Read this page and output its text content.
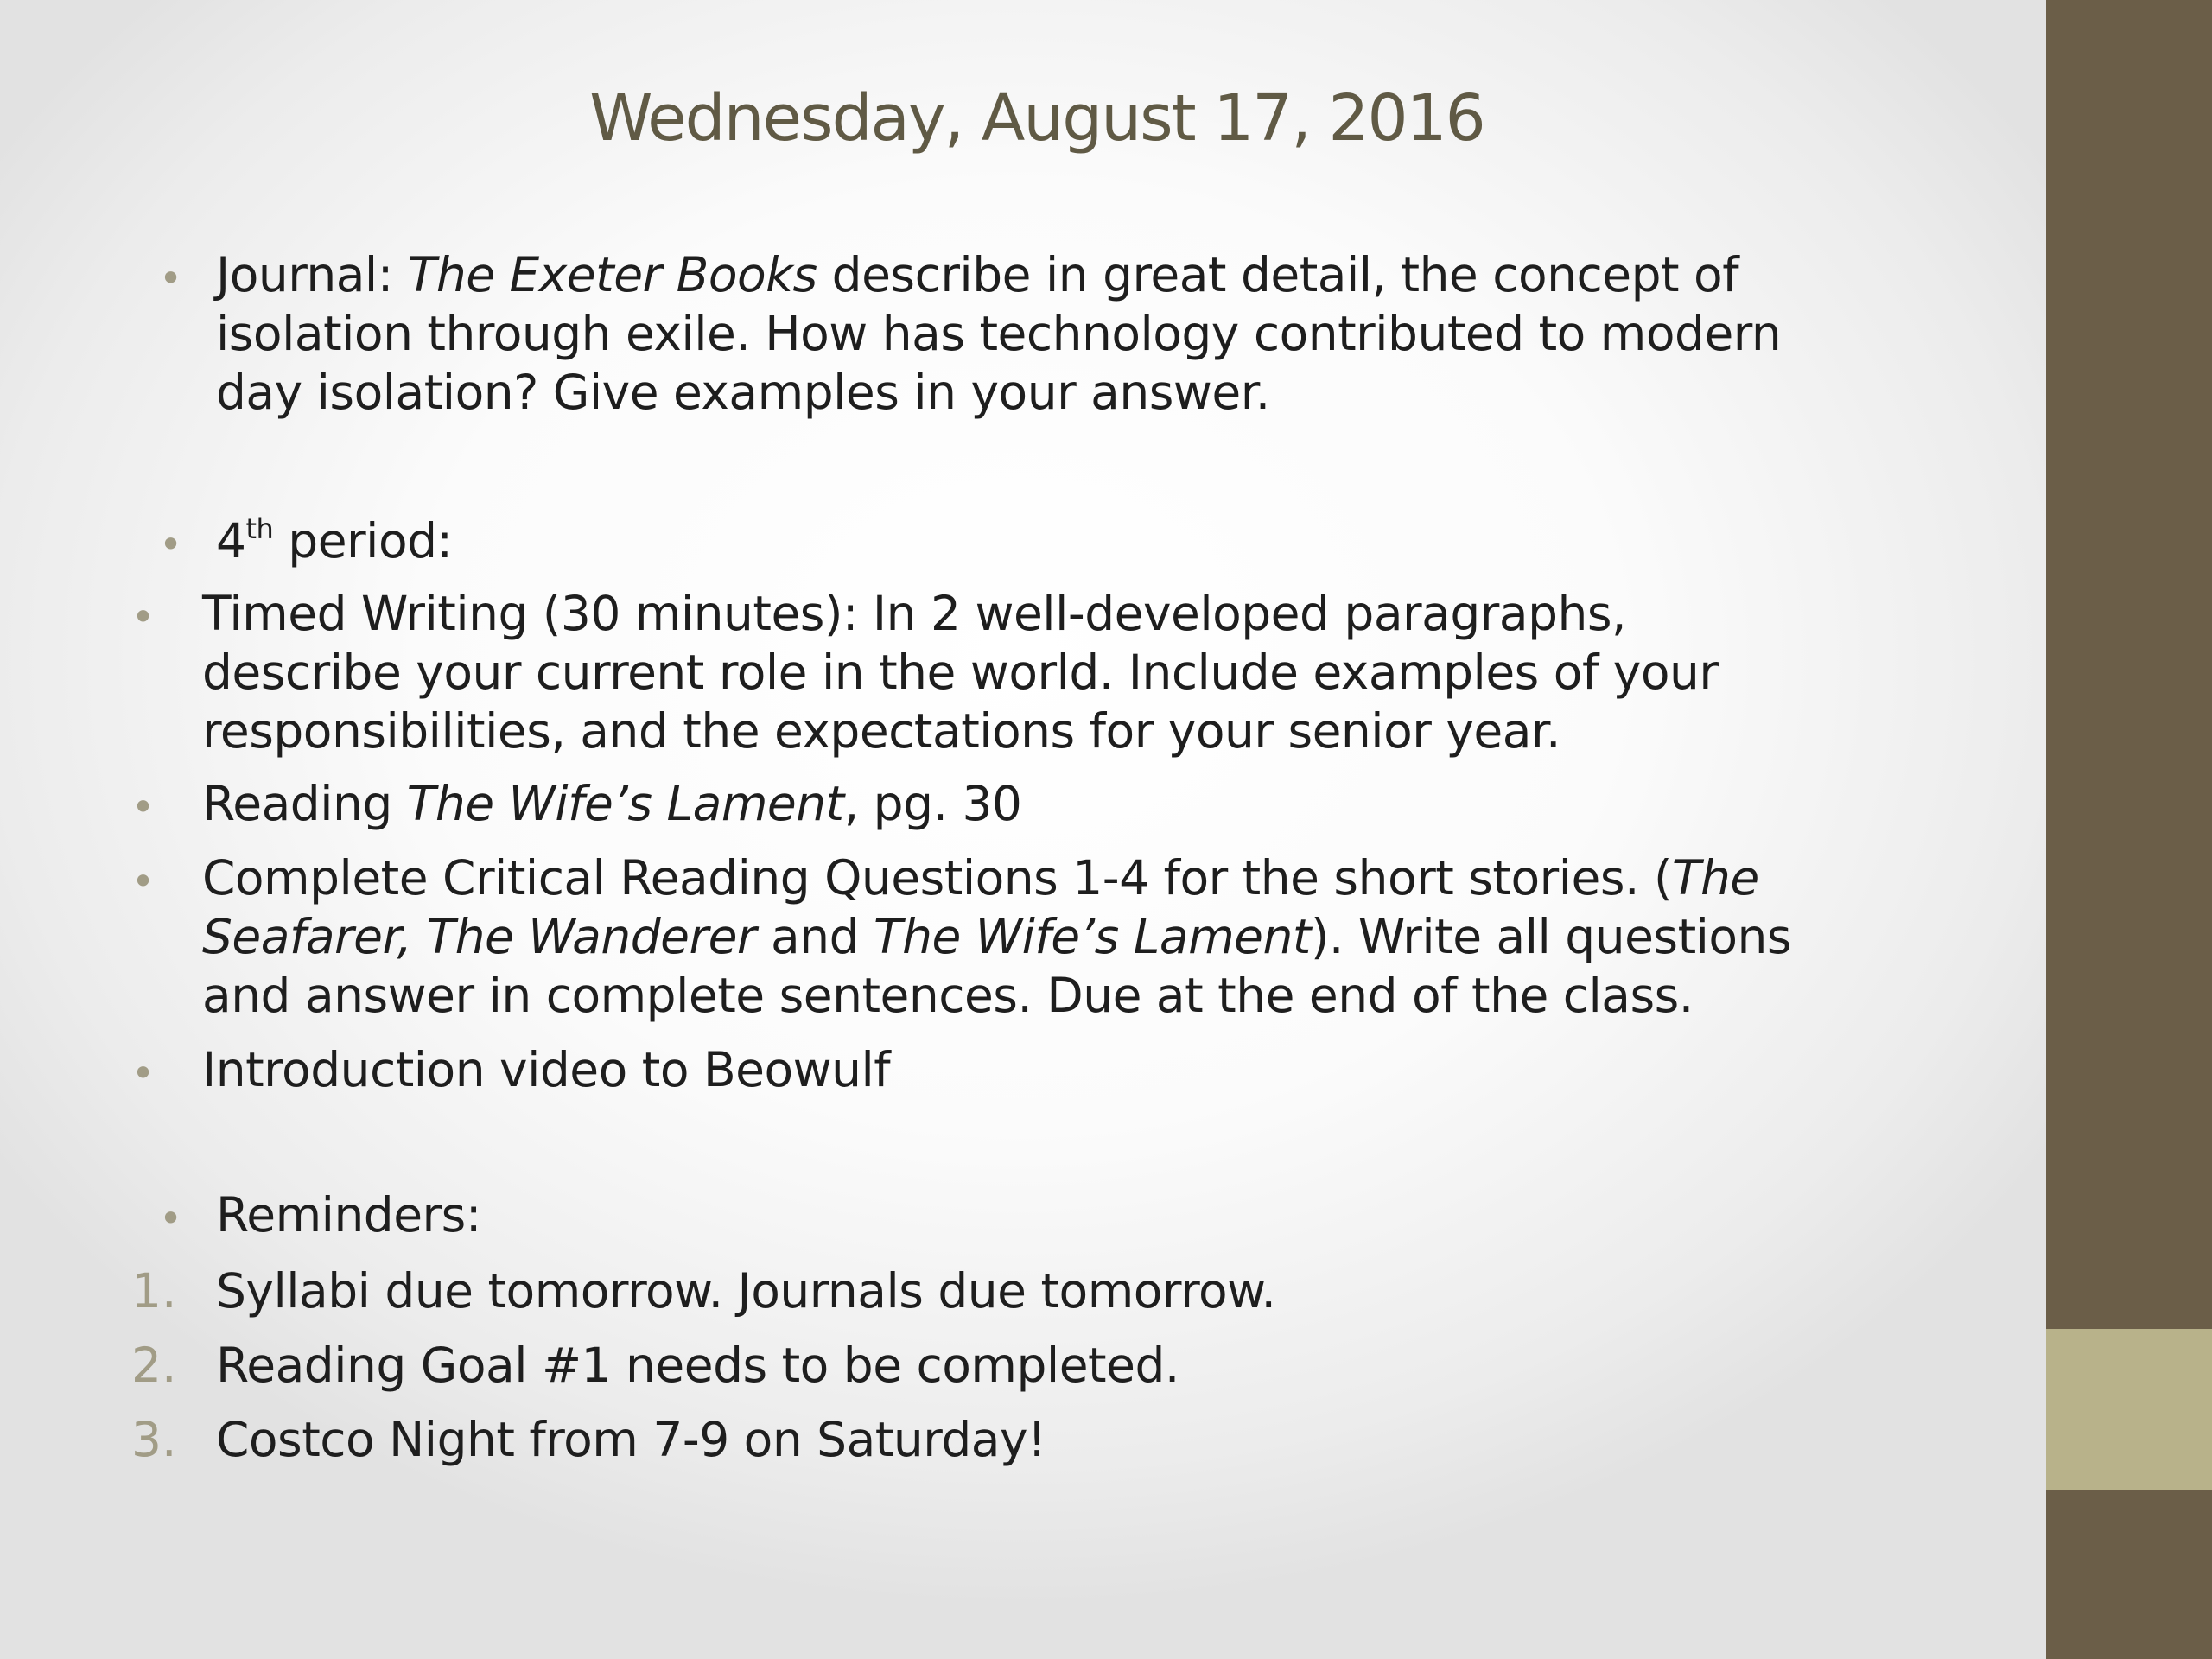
Wednesday, August 17, 2016
• Journal: The Exeter Books describe in great detail, the concept of
isolation through exile. How has technology contributed to modern
day isolation? Give examples in your answer.
• 4th period:
• Timed Writing (30 minutes): In 2 well-developed paragraphs,
describe your current role in the world. Include examples of your
responsibilities, and the expectations for your senior year.
• Reading The Wife’s Lament, pg. 30
• Complete Critical Reading Questions 1-4 for the short stories. (The
Seafarer, The Wanderer and The Wife’s Lament). Write all questions
and answer in complete sentences. Due at the end of the class.
• Introduction video to Beowulf
• Reminders:
1. Syllabi due tomorrow. Journals due tomorrow.
2. Reading Goal #1 needs to be completed.
3. Costco Night from 7-9 on Saturday!
